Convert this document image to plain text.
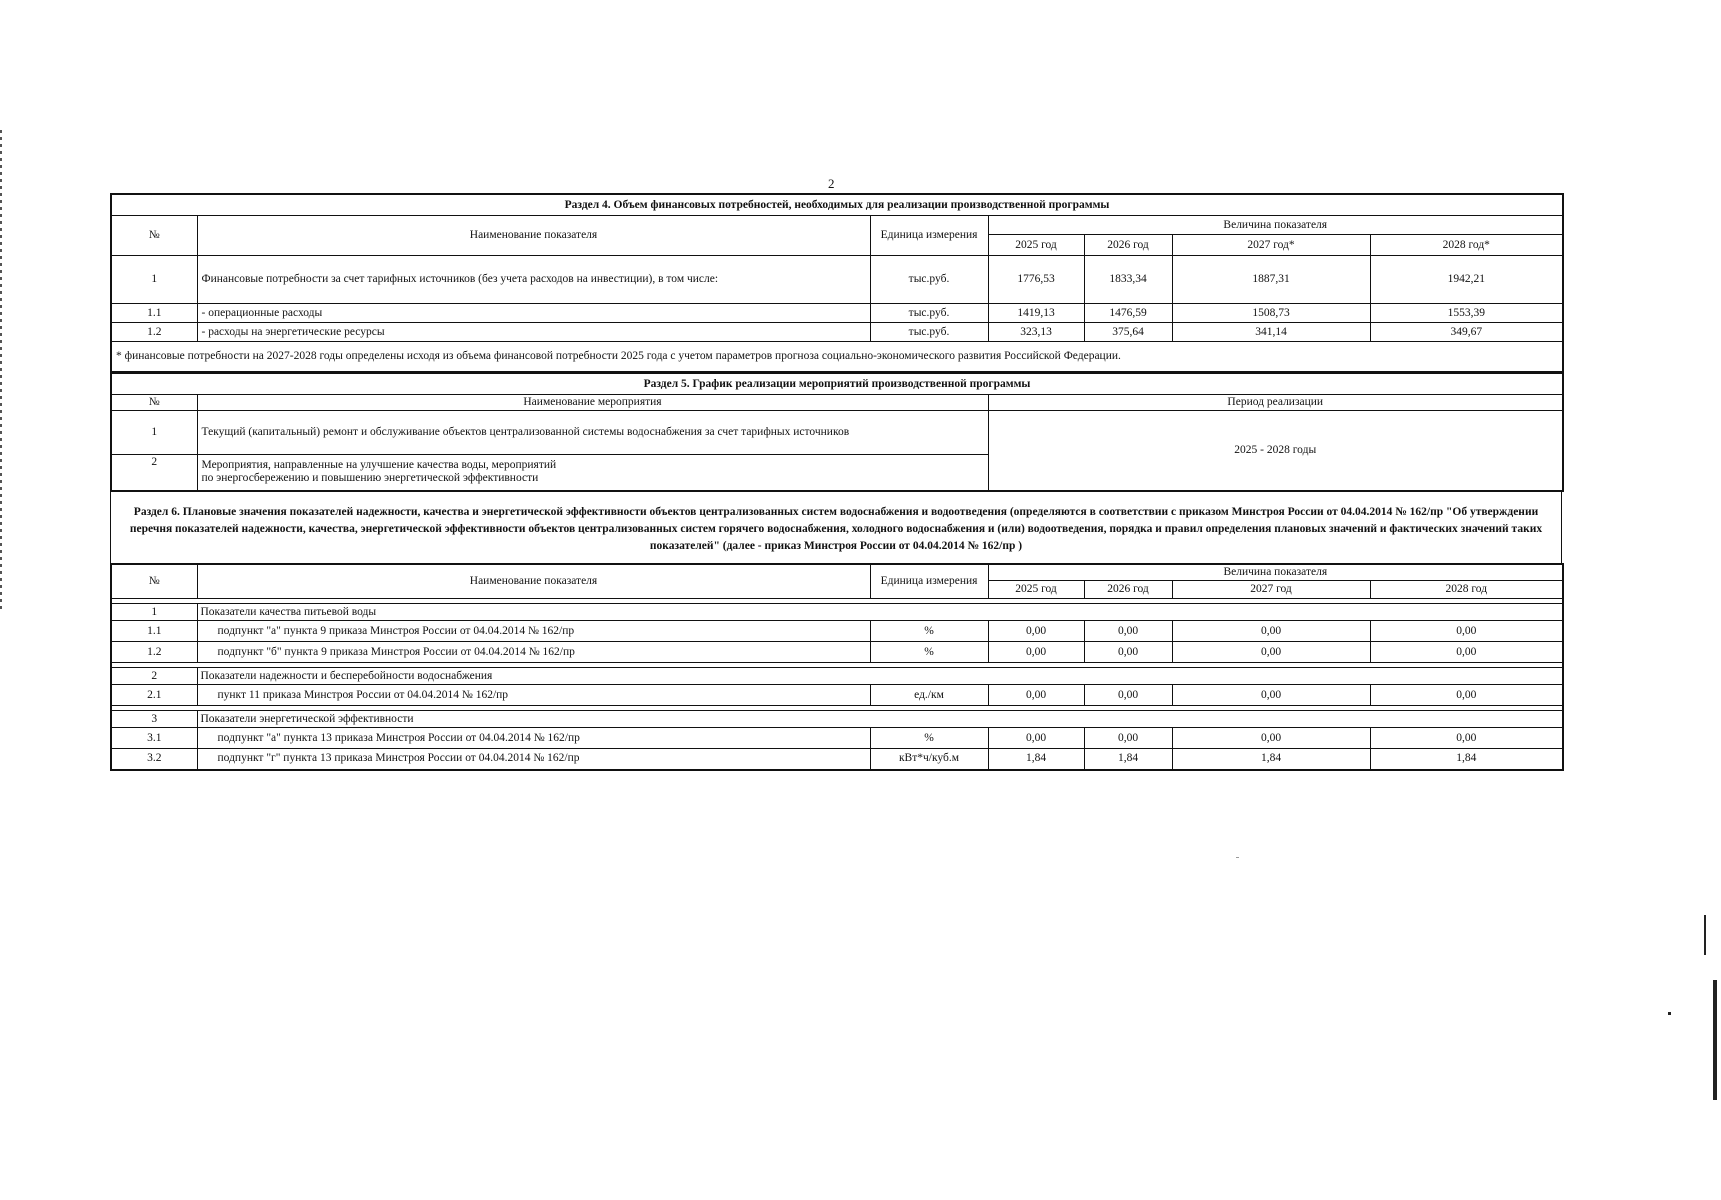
2
Раздел 4. Объем финансовых потребностей, необходимых для реализации производственной программы						
№	Наименование показателя	Единица измерения	Величина показателя			
			2025 год	2026 год	2027 год*	2028 год*
1	Финансовые потребности за счет тарифных источников (без учета расходов на инвестиции), в том числе:	тыс.руб.	1776,53	1833,34	1887,31	1942,21
1.1	- операционные расходы	тыс.руб.	1419,13	1476,59	1508,73	1553,39
1.2	- расходы на энергетические ресурсы	тыс.руб.	323,13	375,64	341,14	349,67
* финансовые потребности на 2027-2028 годы определены исходя из объема финансовой потребности 2025 года с учетом параметров прогноза социально-экономического развития Российской Федерации.						
Раздел 5. График реализации мероприятий производственной программы		
№	Наименование мероприятия	Период реализации
1	Текущий (капитальный) ремонт и обслуживание объектов централизованной системы водоснабжения за счет тарифных источников	2025 - 2028 годы
2	Мероприятия, направленные на улучшение качества воды, мероприятий
по энергосбережению и повышению энергетической эффективности	
Раздел 6. Плановые значения показателей надежности, качества и энергетической эффективности объектов централизованных систем водоснабжения и водоотведения (определяются в соответствии с приказом Минстроя России от 04.04.2014 № 162/пр "Об утверждении перечня показателей надежности, качества, энергетической эффективности объектов централизованных систем горячего водоснабжения, холодного водоснабжения и (или) водоотведения, порядка и правил определения плановых значений и фактических значений таких показателей" (далее - приказ Минстроя России от 04.04.2014 № 162/пр )
№	Наименование показателя	Единица измерения	Величина показателя			
			2025 год	2026 год	2027 год	2028 год

1	Показатели качества питьевой воды					
1.1	подпункт "а" пункта 9 приказа Минстроя России от 04.04.2014 № 162/пр	%	0,00	0,00	0,00	0,00
1.2	подпункт "б" пункта 9 приказа Минстроя России от 04.04.2014 № 162/пр	%	0,00	0,00	0,00	0,00

2	Показатели надежности и бесперебойности водоснабжения					
2.1	пункт 11 приказа Минстроя России от 04.04.2014 № 162/пр	ед./км	0,00	0,00	0,00	0,00

3	Показатели энергетической эффективности					
3.1	подпункт "а" пункта 13 приказа Минстроя России от 04.04.2014 № 162/пр	%	0,00	0,00	0,00	0,00
3.2	подпункт "г" пункта 13 приказа Минстроя России от 04.04.2014 № 162/пр	кВт*ч/куб.м	1,84	1,84	1,84	1,84
